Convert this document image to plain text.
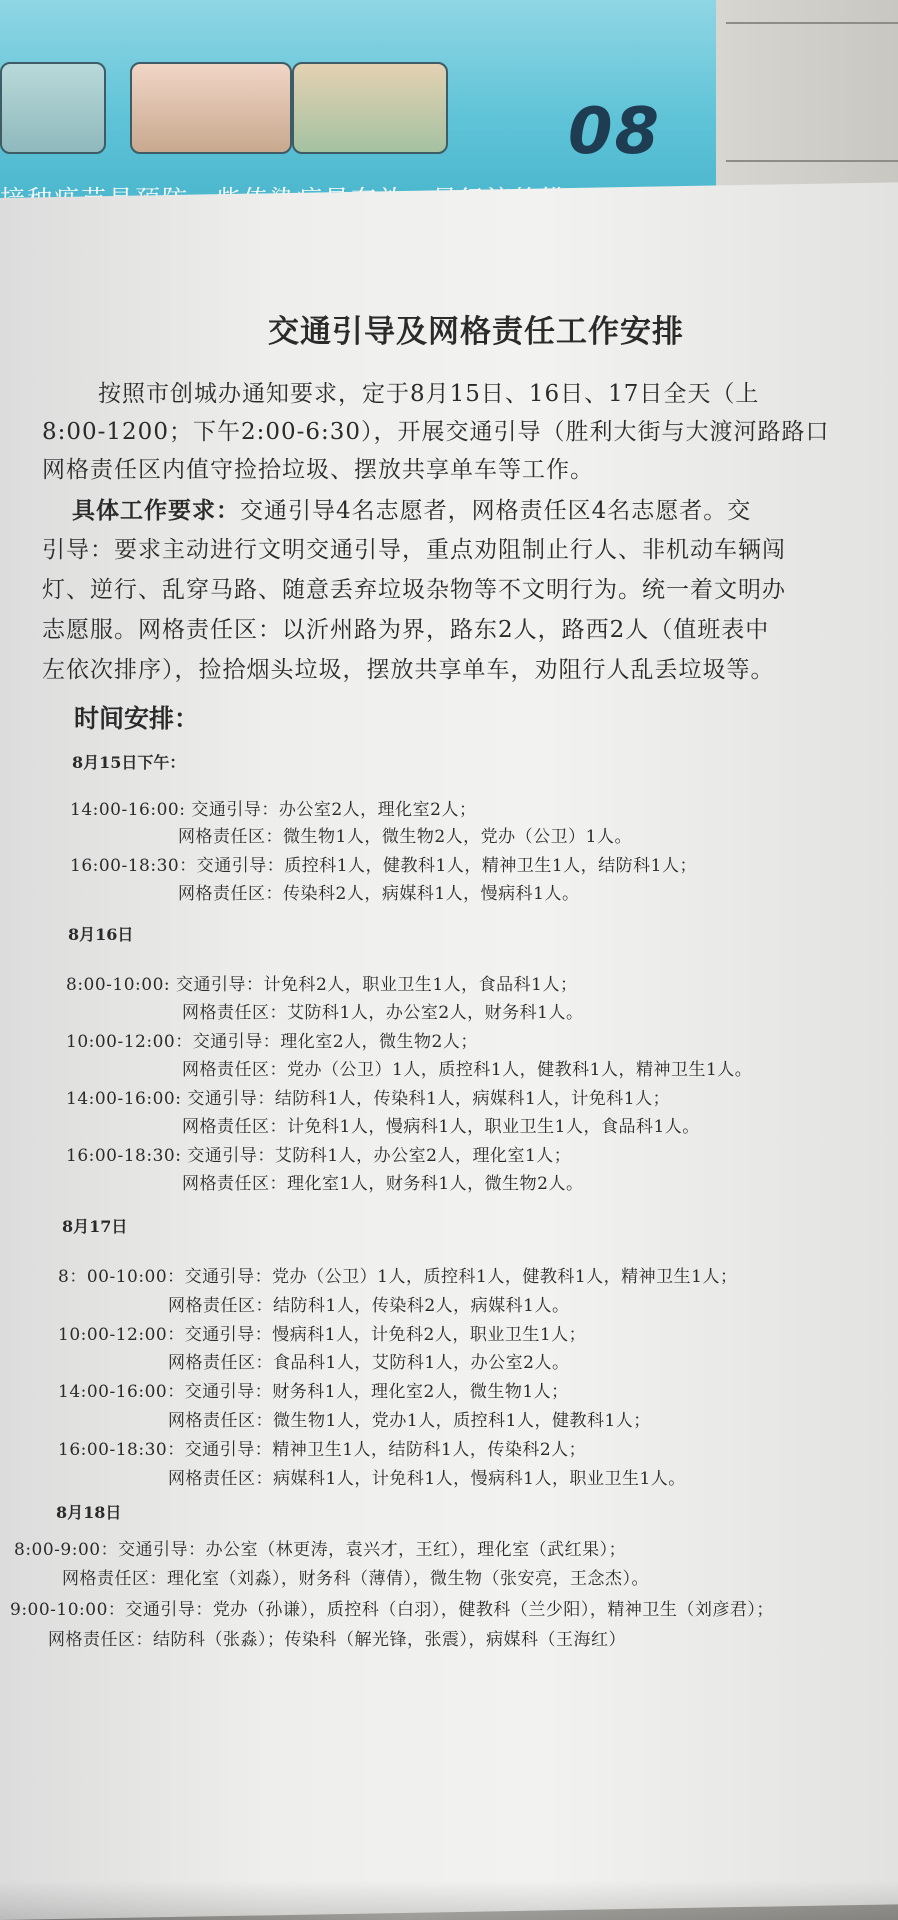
08
交通引导及网格责任工作安排
按照市创城办通知要求，定于8月15日、16日、17日全天（上
8:00-1200；下午2:00-6:30），开展交通引导（胜利大街与大渡河路路口
网格责任区内值守捡拾垃圾、摆放共享单车等工作。
具体工作要求：交通引导4名志愿者，网格责任区4名志愿者。交
引导：要求主动进行文明交通引导，重点劝阻制止行人、非机动车辆闯
灯、逆行、乱穿马路、随意丢弃垃圾杂物等不文明行为。统一着文明办
志愿服。网格责任区：以沂州路为界，路东2人，路西2人（值班表中
左依次排序），捡拾烟头垃圾，摆放共享单车，劝阻行人乱丢垃圾等。
时间安排：
8月15日下午：
14:00-16:00: 交通引导：办公室2人，理化室2人；
网格责任区：微生物1人，微生物2人，党办（公卫）1人。
16:00-18:30：交通引导：质控科1人，健教科1人，精神卫生1人，结防科1人；
网格责任区：传染科2人，病媒科1人，慢病科1人。
8月16日
8:00-10:00: 交通引导：计免科2人，职业卫生1人，食品科1人；
网格责任区：艾防科1人，办公室2人，财务科1人。
10:00-12:00：交通引导：理化室2人，微生物2人；
网格责任区：党办（公卫）1人，质控科1人，健教科1人，精神卫生1人。
14:00-16:00: 交通引导：结防科1人，传染科1人，病媒科1人，计免科1人；
网格责任区：计免科1人，慢病科1人，职业卫生1人，食品科1人。
16:00-18:30: 交通引导：艾防科1人，办公室2人，理化室1人；
网格责任区：理化室1人，财务科1人，微生物2人。
8月17日
8：00-10:00：交通引导：党办（公卫）1人，质控科1人，健教科1人，精神卫生1人；
网格责任区：结防科1人，传染科2人，病媒科1人。
10:00-12:00：交通引导：慢病科1人，计免科2人，职业卫生1人；
网格责任区：食品科1人，艾防科1人，办公室2人。
14:00-16:00：交通引导：财务科1人，理化室2人，微生物1人；
网格责任区：微生物1人，党办1人，质控科1人，健教科1人；
16:00-18:30：交通引导：精神卫生1人，结防科1人，传染科2人；
网格责任区：病媒科1人，计免科1人，慢病科1人，职业卫生1人。
8月18日
8:00-9:00：交通引导：办公室（林更涛，袁兴才，王红），理化室（武红果）；
网格责任区：理化室（刘淼），财务科（薄倩），微生物（张安亮，王念杰）。
9:00-10:00：交通引导：党办（孙谦），质控科（白羽），健教科（兰少阳），精神卫生（刘彦君）；
网格责任区：结防科（张淼）；传染科（解光锋，张震），病媒科（王海红）
